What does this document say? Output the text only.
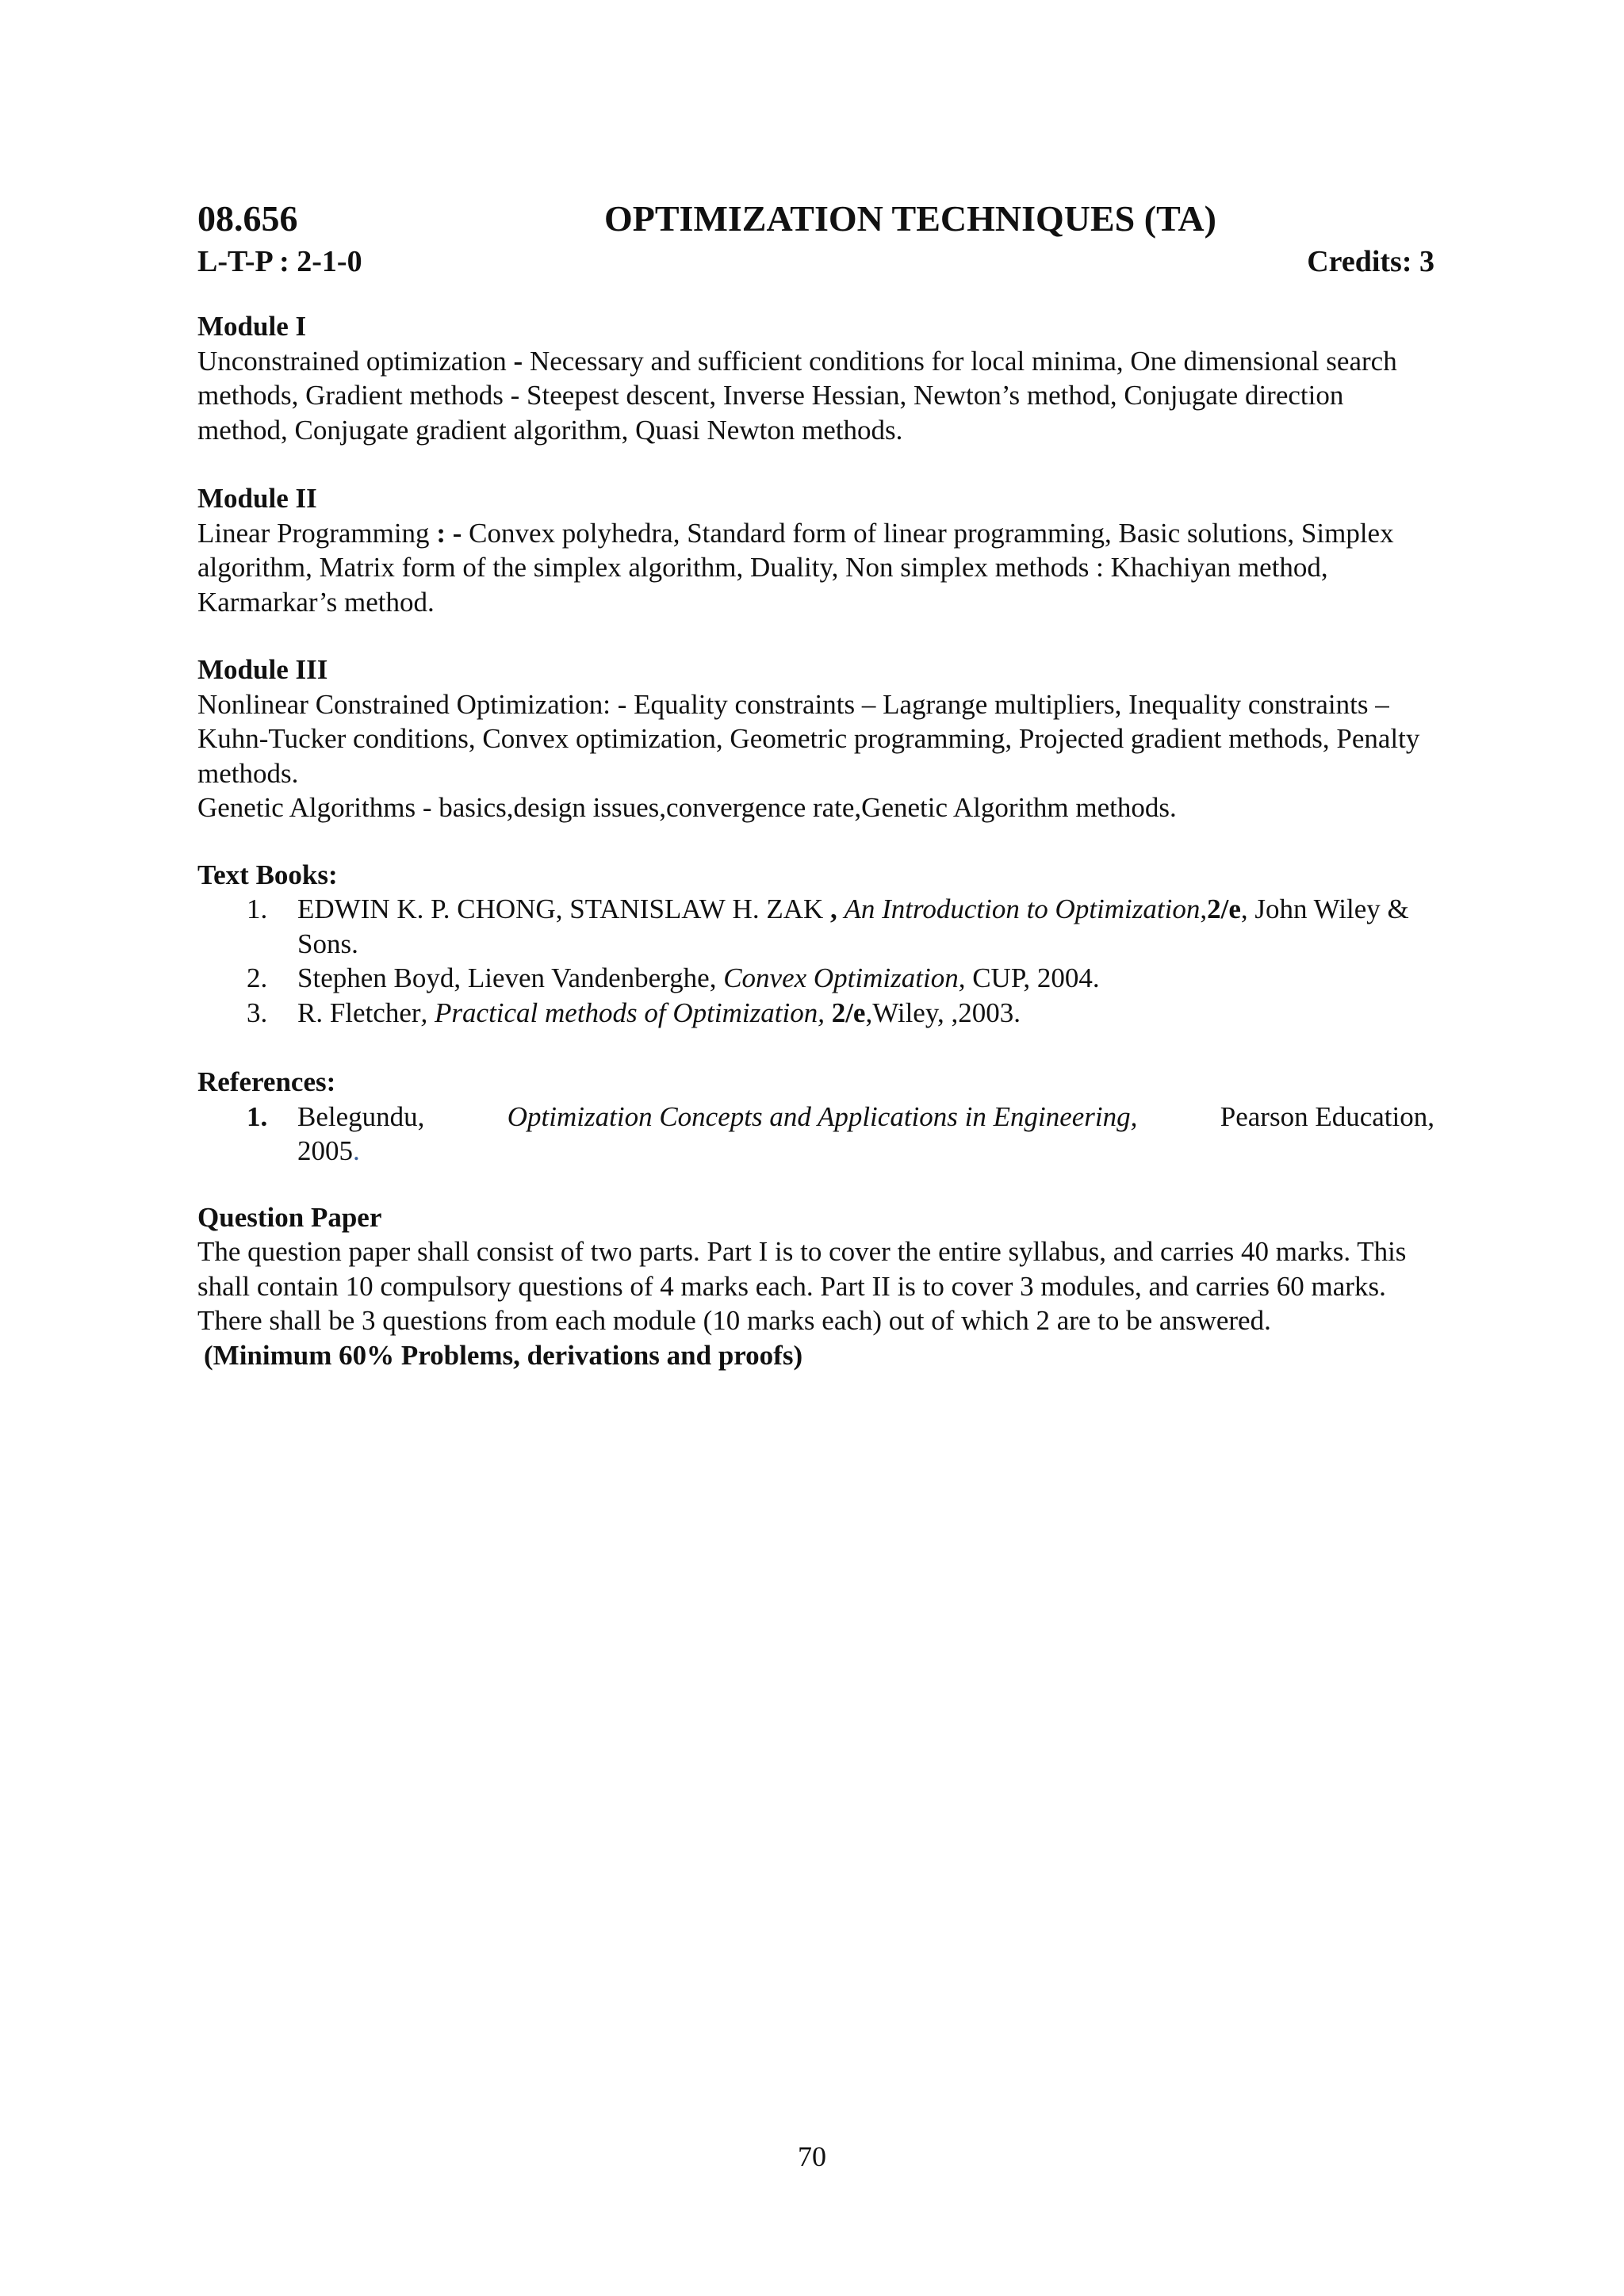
08.656	OPTIMIZATION TECHNIQUES (TA)
L-T-P : 2-1-0	Credits: 3
Module I

Unconstrained optimization - Necessary and sufficient conditions for local minima, One dimensional search methods, Gradient methods - Steepest descent, Inverse Hessian, Newton’s method, Conjugate direction method, Conjugate gradient algorithm, Quasi Newton methods.

Module II

Linear Programming : - Convex polyhedra, Standard form of linear programming, Basic solutions, Simplex algorithm, Matrix form of the simplex algorithm, Duality, Non simplex methods : Khachiyan method, Karmarkar’s method.

Module III

Nonlinear Constrained Optimization: - Equality constraints – Lagrange multipliers, Inequality constraints – Kuhn-Tucker conditions, Convex optimization, Geometric programming, Projected gradient methods, Penalty methods.

Genetic Algorithms - basics,design issues,convergence rate,Genetic Algorithm methods.

Text Books:
1. EDWIN K. P. CHONG, STANISLAW H. ZAK , An Introduction to Optimization,2/e, John Wiley & Sons.
2. Stephen Boyd, Lieven Vandenberghe, Convex Optimization, CUP, 2004.
3. R. Fletcher, Practical methods of Optimization, 2/e,Wiley, ,2003.
References:
1. Belegundu,	Optimization Concepts and Applications in Engineering,	Pearson Education,
2005.
Question Paper

The question paper shall consist of two parts. Part I is to cover the entire syllabus, and carries 40 marks. This shall contain 10 compulsory questions of 4 marks each. Part II is to cover 3 modules, and carries 60 marks. There shall be 3 questions from each module (10 marks each) out of which 2 are to be answered.

(Minimum 60% Problems, derivations and proofs)
70
